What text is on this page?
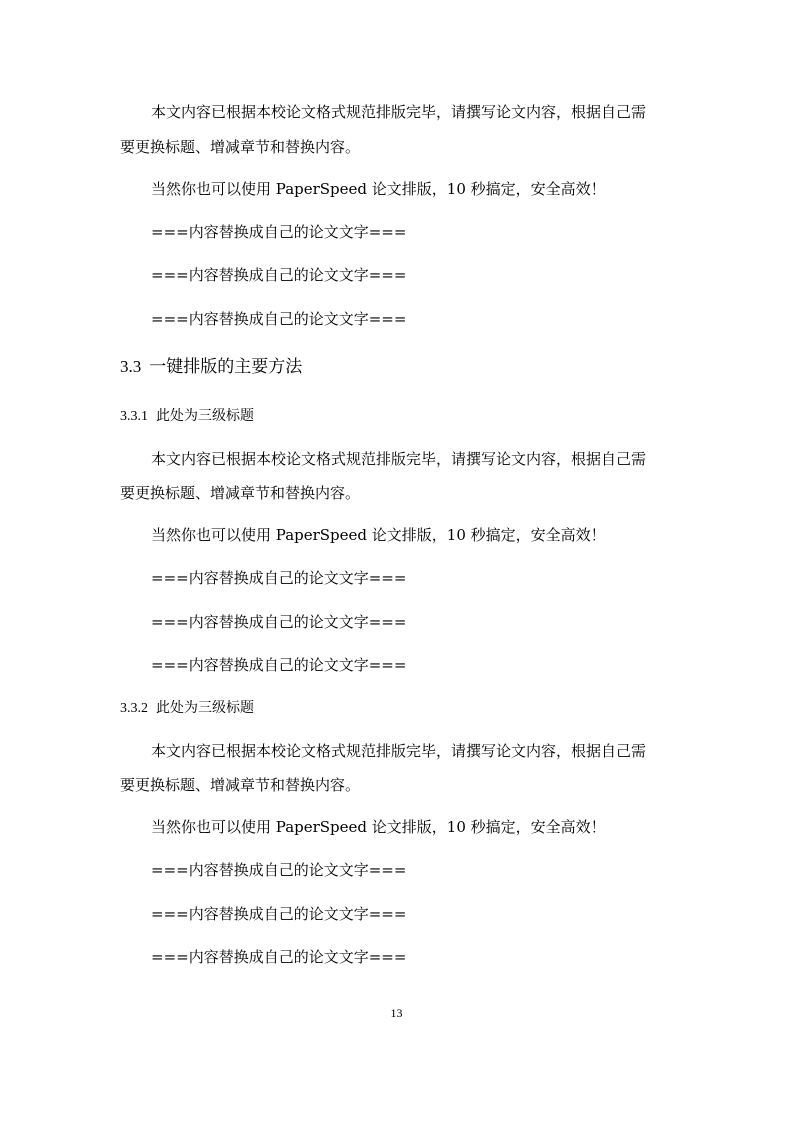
本文内容已根据本校论文格式规范排版完毕，请撰写论文内容，根据自己需
要更换标题、增减章节和替换内容。
当然你也可以使用 PaperSpeed 论文排版，10 秒搞定，安全高效！
===内容替换成自己的论文文字===
===内容替换成自己的论文文字===
===内容替换成自己的论文文字===
3.3 一键排版的主要方法
3.3.1 此处为三级标题
本文内容已根据本校论文格式规范排版完毕，请撰写论文内容，根据自己需
要更换标题、增减章节和替换内容。
当然你也可以使用 PaperSpeed 论文排版，10 秒搞定，安全高效！
===内容替换成自己的论文文字===
===内容替换成自己的论文文字===
===内容替换成自己的论文文字===
3.3.2 此处为三级标题
本文内容已根据本校论文格式规范排版完毕，请撰写论文内容，根据自己需
要更换标题、增减章节和替换内容。
当然你也可以使用 PaperSpeed 论文排版，10 秒搞定，安全高效！
===内容替换成自己的论文文字===
===内容替换成自己的论文文字===
===内容替换成自己的论文文字===
13
